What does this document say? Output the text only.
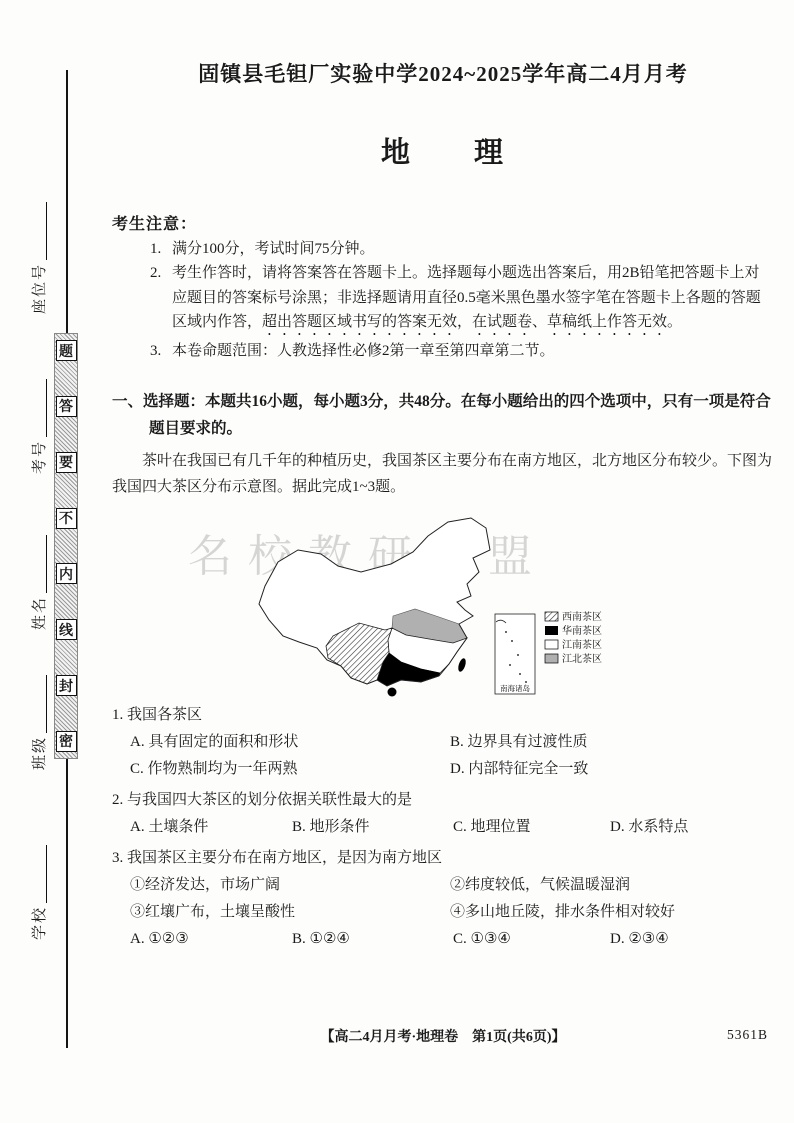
名校教研联盟
题
答
要
不
内
线
封
密
座位号
考号
姓名
班级
学校
固镇县毛钽厂实验中学2024~2025学年高二4月月考
地　　理
考生注意：
1. 满分100分，考试时间75分钟。
2. 考生作答时，请将答案答在答题卡上。选择题每小题选出答案后，用2B铅笔把答题卡上对应题目的答案标号涂黑；非选择题请用直径0.5毫米黑色墨水签字笔在答题卡上各题的答题区域内作答，超出答题区域书写的答案无效，在试题卷、草稿纸上作答无效。
3. 本卷命题范围：人教选择性必修2第一章至第四章第二节。
一、选择题：本题共16小题，每小题3分，共48分。在每小题给出的四个选项中，只有一项是符合题目要求的。
茶叶在我国已有几千年的种植历史，我国茶区主要分布在南方地区，北方地区分布较少。下图为我国四大茶区分布示意图。据此完成1~3题。
南海诸岛
西南茶区
华南茶区
江南茶区
江北茶区
1. 我国各茶区
A. 具有固定的面积和形状	B. 边界具有过渡性质
C. 作物熟制均为一年两熟	D. 内部特征完全一致
2. 与我国四大茶区的划分依据关联性最大的是
A. 土壤条件	B. 地形条件	C. 地理位置	D. 水系特点
3. 我国茶区主要分布在南方地区，是因为南方地区
①经济发达，市场广阔	②纬度较低，气候温暖湿润
③红壤广布，土壤呈酸性	④多山地丘陵，排水条件相对较好
A. ①②③	B. ①②④	C. ①③④	D. ②③④
【高二4月月考·地理卷　第1页(共6页)】	5361B
